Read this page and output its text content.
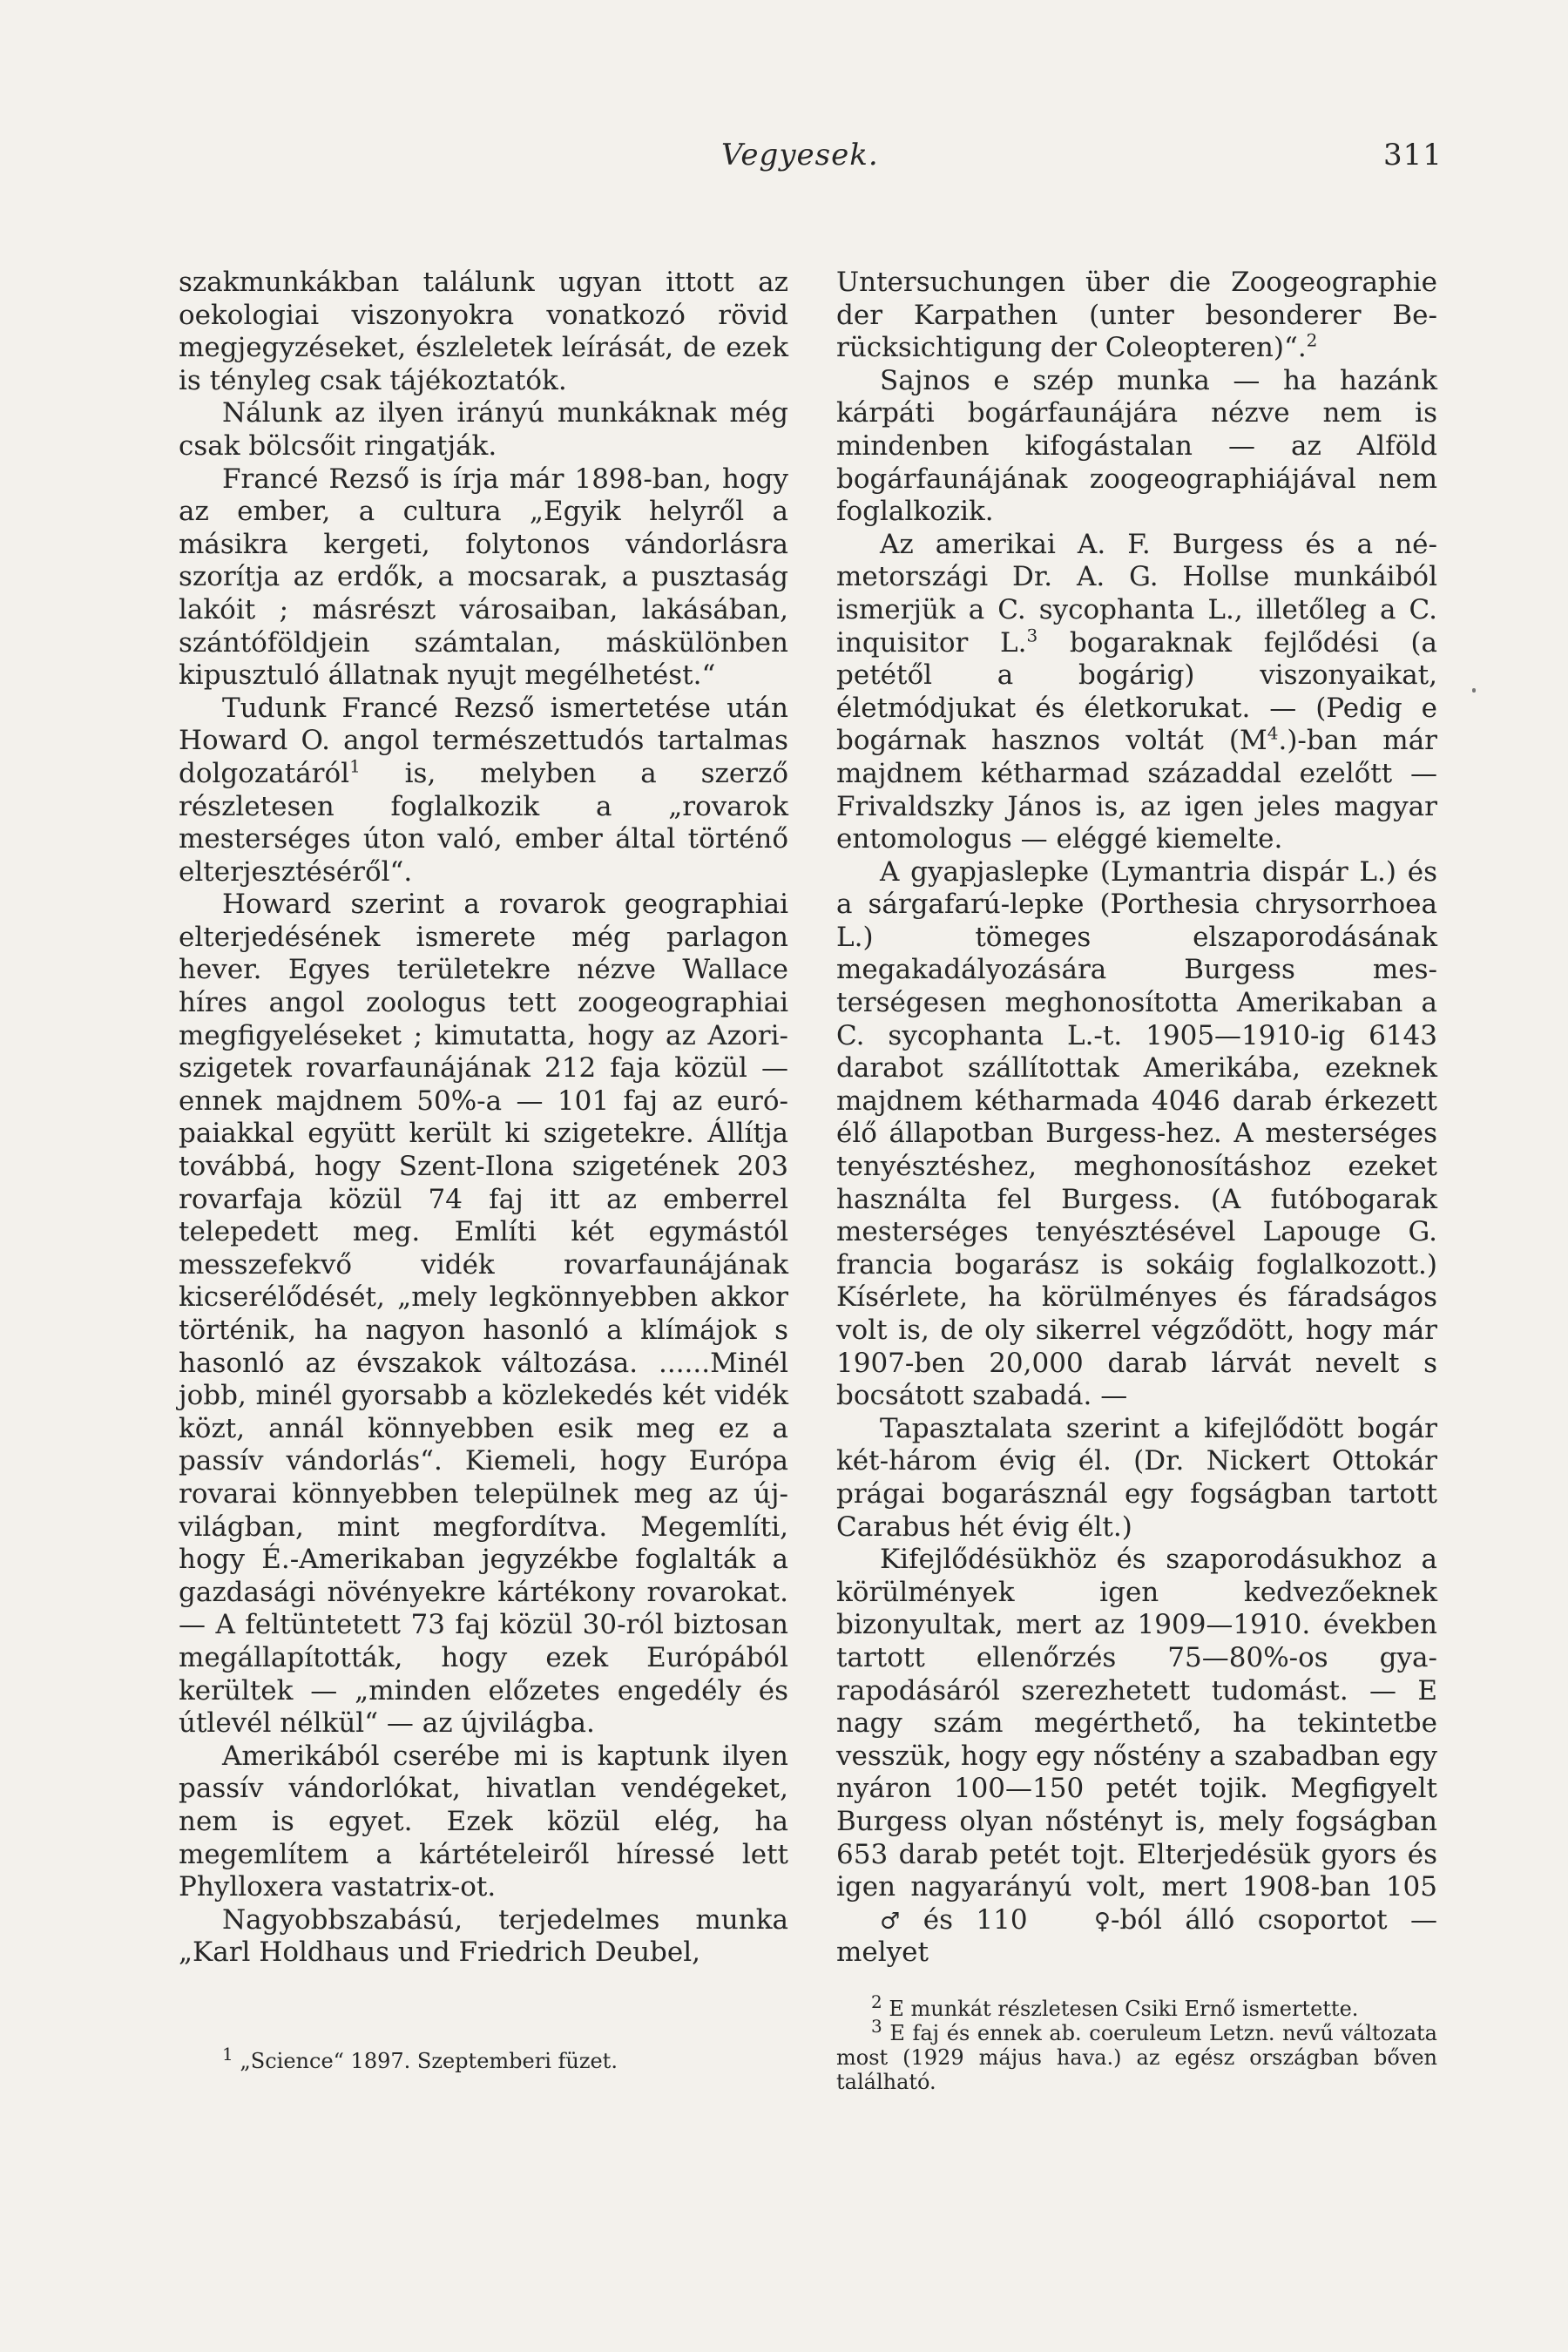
Vegyesek.	311

szakmunkákban találunk ugyan ittott az oekologiai viszonyokra vonatkozó rövid megjegyzéseket, észleletek leírását, de ezek is tényleg csak tájékoztatók.

Nálunk az ilyen irányú munkáknak még csak bölcsőit ringatják.

Francé Rezső is írja már 1898-ban, hogy az ember, a cultura „Egyik helyről a másikra kergeti, folytonos vándorlásra szorítja az erdők, a mocsarak, a pusztaság lakóit ; másrészt városaiban, lakásában, szántóföldjein számtalan, máskülönben kipusztuló állatnak nyujt megélhetést.“

Tudunk Francé Rezső ismertetése után Howard O. angol természettudós tartalmas dolgozatáról$^1$ is, melyben a szerző részletesen foglalkozik a „rovarok mesterséges úton való, ember által történő elterjesztéséről“.

Howard szerint a rovarok geographiai elterjedésének ismerete még parlagon hever. Egyes területekre nézve Wallace híres angol zoologus tett zoogeographiai megfigyeléseket ; kimutatta, hogy az Azori-szigetek rovarfaunájának 212 faja közül — ennek majdnem 50%-a — 101 faj az európaiakkal együtt került ki szigetekre. Állítja továbbá, hogy Szent-Ilona szigetének 203 rovarfaja közül 74 faj itt az emberrel telepedett meg. Említi két egymástól messzefekvő vidék rovarfaunájának kicserélődését, „mely legkönnyebben akkor történik, ha nagyon hasonló a klímájok s hasonló az évszakok változása. ......Minél jobb, minél gyorsabb a közlekedés két vidék közt, annál könnyebben esik meg ez a passív vándorlás“. Kiemeli, hogy Európa rovarai könnyebben települnek meg az új-világban, mint megfordítva. Megemlíti, hogy É.-Amerikaban jegyzékbe foglalták a gazdasági növényekre kártékony rovarokat. — A feltüntetett 73 faj közül 30-ról biztosan megállapították, hogy ezek Európából kerültek — „minden előzetes engedély és útlevél nélkül“ — az újvilágba.

Amerikából cserébe mi is kaptunk ilyen passív vándorlókat, hivatlan vendégeket, nem is egyet. Ezek közül elég, ha megemlítem a kártételeiről híressé lett Phylloxera vastatrix-ot.

Nagyobbszabású, terjedelmes munka „Karl Holdhaus und Friedrich Deubel,

Untersuchungen über die Zoogeographie der Karpathen (unter besonderer Berücksichtigung der Coleopteren)“.$^2$

Sajnos e szép munka — ha hazánk kárpáti bogárfaunájára nézve nem is mindenben kifogástalan — az Alföld bogárfaunájának zoogeographiájával nem foglalkozik.

Az amerikai A. F. Burgess és a németországi Dr. A. G. Hollse munkáiból ismerjük a C. sycophanta L., illetőleg a C. inquisitor L.$^3$ bogaraknak fejlődési (a petétől a bogárig) viszonyaikat, életmódjukat és életkorukat. — (Pedig e bogárnak hasznos voltát $(M^4.)$-ban már majdnem kétharmad századdal ezelőtt — Frivaldszky János is, az igen jeles magyar entomologus — eléggé kiemelte.

A gyapjaslepke (Lymantria dispár L.) és a sárgafarú-lepke (Porthesia chrysorrhoea L.) tömeges elszaporodásának megakadályozására Burgess mesterségesen meghonosította Amerikaban a C. sycophanta L.-t. 1905—1910-ig 6143 darabot szállítottak Amerikába, ezeknek majdnem kétharmada 4046 darab érkezett élő állapotban Burgess-hez. A mesterséges tenyésztéshez, meghonosításhoz ezeket használta fel Burgess. (A futóbogarak mesterséges tenyésztésével Lapouge G. francia bogarász is sokáig foglalkozott.) Kísérlete, ha körülményes és fáradságos volt is, de oly sikerrel végződött, hogy már 1907-ben 20,000 darab lárvát nevelt s bocsátott szabadá. —

Tapasztalata szerint a kifejlődött bogár két-három évig él. (Dr. Nickert Ottokár prágai bogarásznál egy fogságban tartott Carabus hét évig élt.)

Kifejlődésükhöz és szaporodásukhoz a körülmények igen kedvezőeknek bizonyultak, mert az 1909—1910. években tartott ellenőrzés 75—80%-os gyarapodásáról szerezhetett tudomást. — E nagy szám megérthető, ha tekintetbe vesszük, hogy egy nőstény a szabadban egy nyáron 100—150 petét tojik. Megfigyelt Burgess olyan nőstényt is, mely fogságban 653 darab petét tojt. Elterjedésük gyors és igen nagyarányú volt, mert 1908-ban 105 ♂ és 110	♀-ból álló csoportot — melyet

$^1$ „Science“ 1897. Szeptemberi füzet.

$^2$ E munkát részletesen Csiki Ernő ismertette.

$^3$ E faj és ennek ab. coeruleum Letzn. nevű változata most (1929 május hava.) az egész országban bőven található.
